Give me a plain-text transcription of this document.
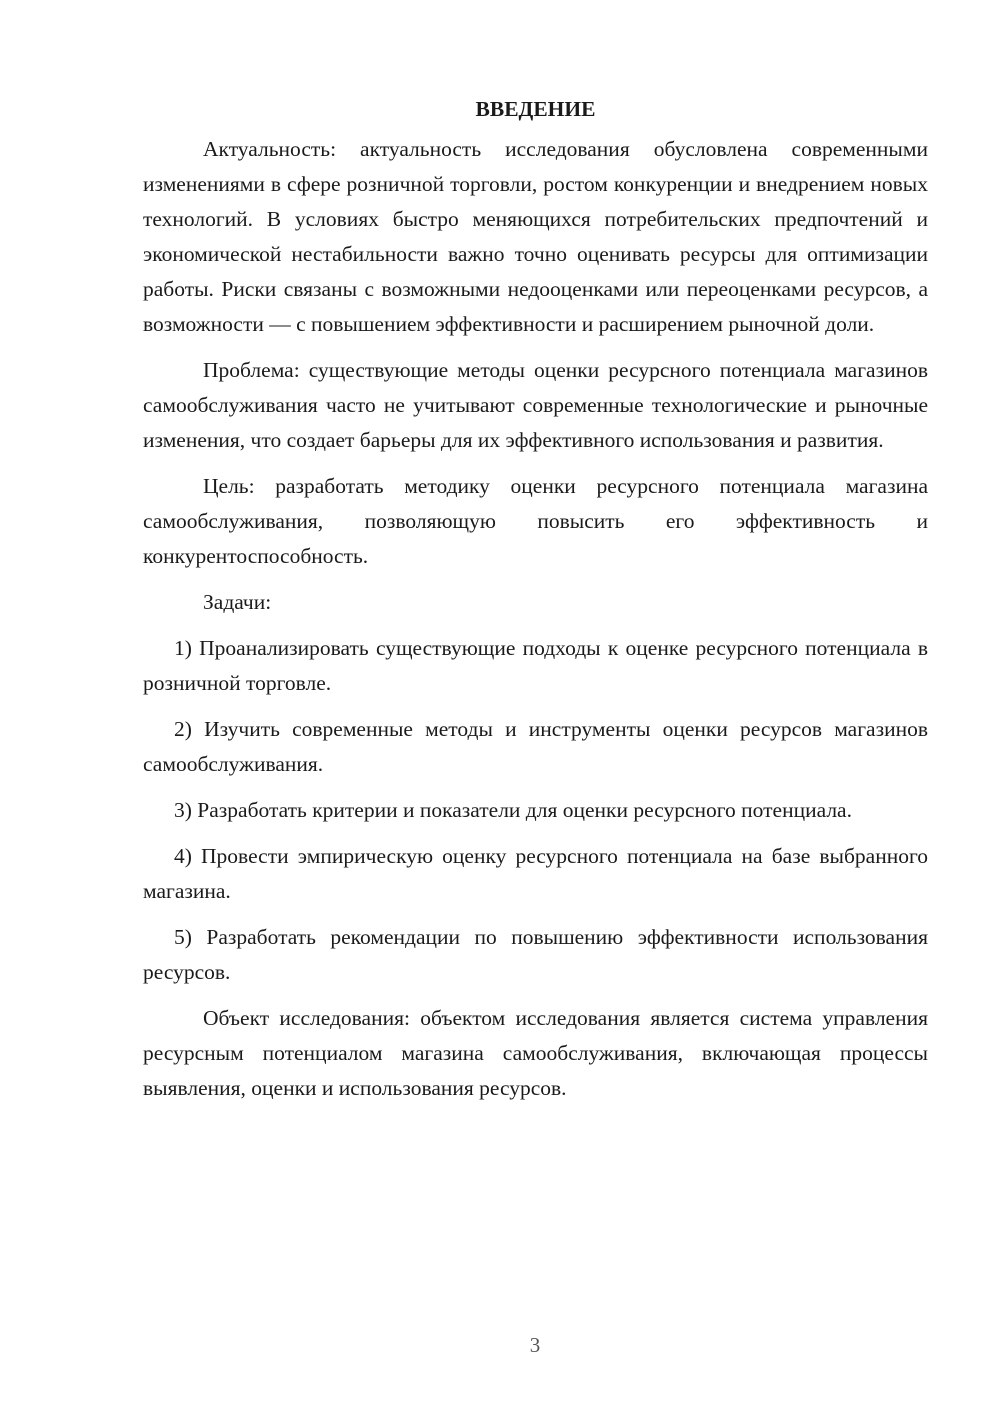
ВВЕДЕНИЕ

Актуальность: актуальность исследования обусловлена современными изменениями в сфере розничной торговли, ростом конкуренции и внедрением новых технологий. В условиях быстро меняющихся потребительских предпочтений и экономической нестабильности важно точно оценивать ресурсы для оптимизации работы. Риски связаны с возможными недооценками или переоценками ресурсов, а возможности — с повышением эффективности и расширением рыночной доли.

Проблема: существующие методы оценки ресурсного потенциала магазинов самообслуживания часто не учитывают современные технологические и рыночные изменения, что создает барьеры для их эффективного использования и развития.

Цель: разработать методику оценки ресурсного потенциала магазина самообслуживания, позволяющую повысить его эффективность и конкурентоспособность.

Задачи:

1) Проанализировать существующие подходы к оценке ресурсного потенциала в розничной торговле.

2) Изучить современные методы и инструменты оценки ресурсов магазинов самообслуживания.

3) Разработать критерии и показатели для оценки ресурсного потенциала.

4) Провести эмпирическую оценку ресурсного потенциала на базе выбранного магазина.

5) Разработать рекомендации по повышению эффективности использования ресурсов.

Объект исследования: объектом исследования является система управления ресурсным потенциалом магазина самообслуживания, включающая процессы выявления, оценки и использования ресурсов.

3
